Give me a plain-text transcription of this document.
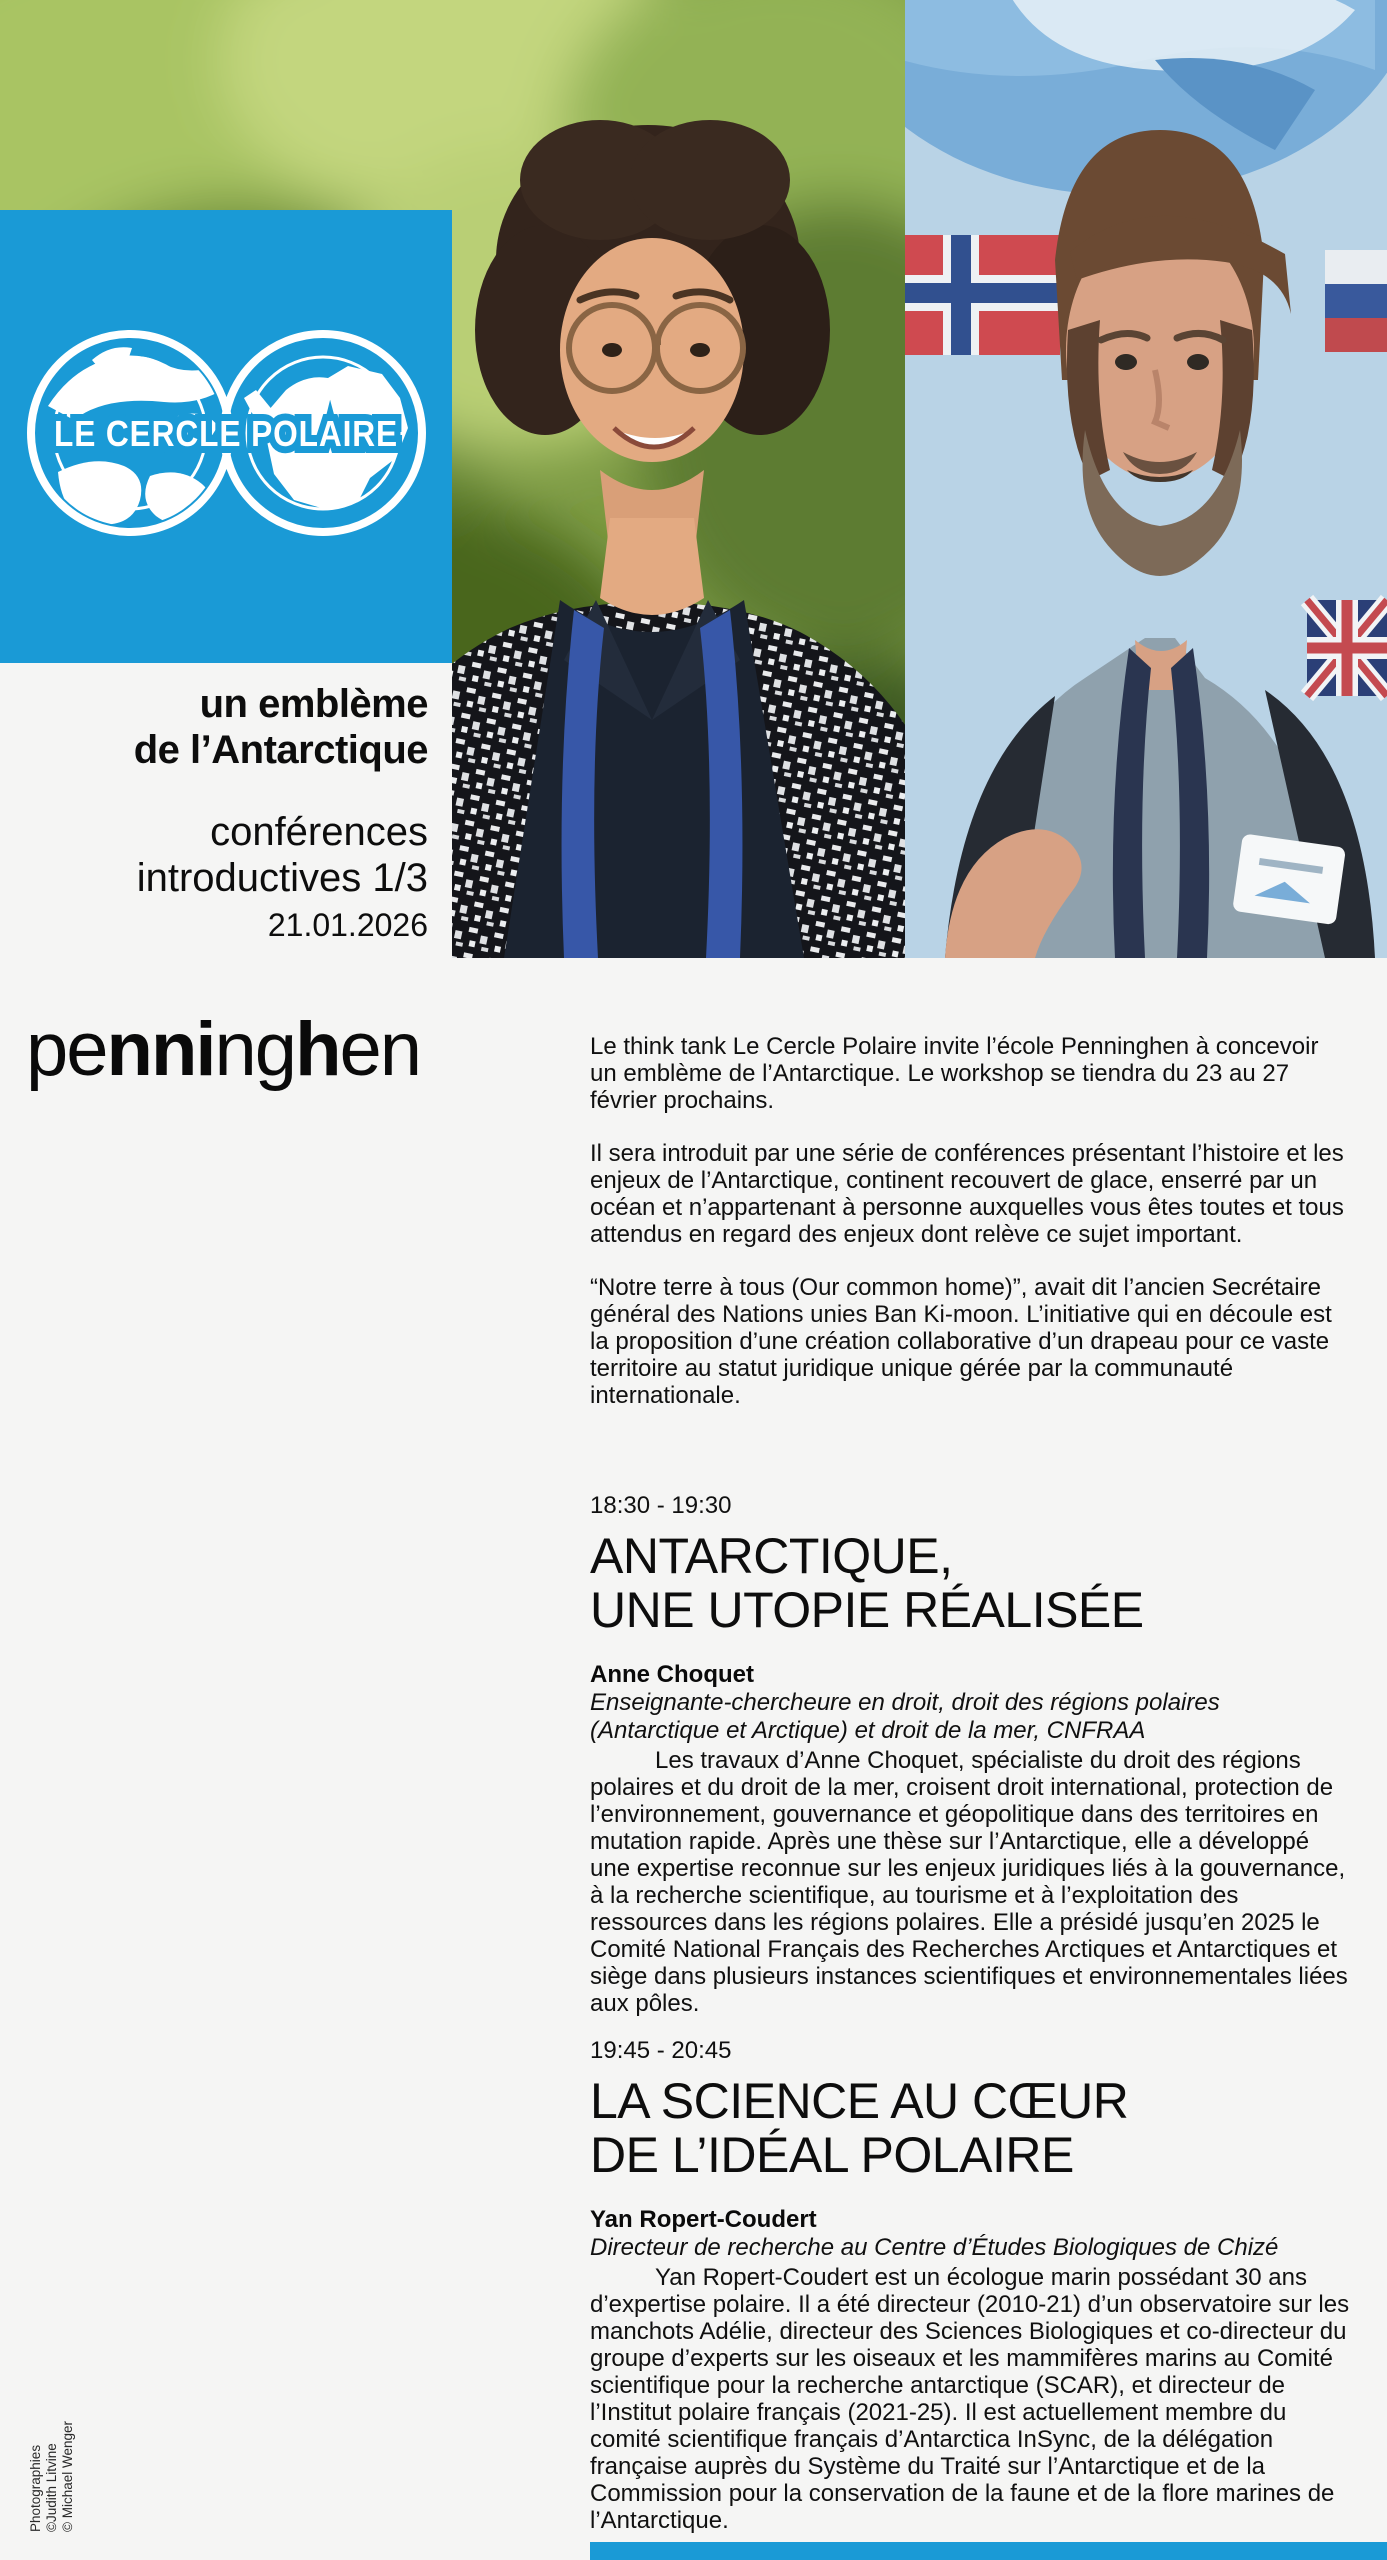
LE CERCLE POLAIRE
un emblème
de l’Antarctique
conférences
introductives 1/3
21.01.2026
penninghen	Le think tank Le Cercle Polaire invite l’école Penninghen à concevoir un emblème de l’Antarctique. Le workshop se tiendra du 23 au 27 février prochains.

Il sera introduit par une série de conférences présentant l’histoire et les enjeux de l’Antarctique, continent recouvert de glace, enserré par un océan et n’appartenant à personne auxquelles vous êtes toutes et tous attendus en regard des enjeux dont relève ce sujet important.

“Notre terre à tous (Our common home)”, avait dit l’ancien Secrétaire général des Nations unies Ban Ki-moon. L’initiative qui en découle est la proposition d’une création collaborative d’un drapeau pour ce vaste territoire au statut juridique unique gérée par la communauté internationale.

18:30 - 19:30
ANTARCTIQUE,
UNE UTOPIE RÉALISÉE
Anne Choquet
Enseignante-chercheure en droit, droit des régions polaires (Antarctique et Arctique) et droit de la mer, CNFRAA
Les travaux d’Anne Choquet, spécialiste du droit des régions polaires et du droit de la mer, croisent droit international, protection de l’environnement, gouvernance et géopolitique dans des territoires en mutation rapide. Après une thèse sur l’Antarctique, elle a développé une expertise reconnue sur les enjeux juridiques liés à la gouvernance, à la recherche scientifique, au tourisme et à l’exploitation des ressources dans les régions polaires. Elle a présidé jusqu’en 2025 le Comité National Français des Recherches Arctiques et Antarctiques et siège dans plusieurs instances scientifiques et environnementales liées aux pôles.
19:45 - 20:45
LA SCIENCE AU CŒUR
DE L’IDÉAL POLAIRE
Yan Ropert-Coudert
Directeur de recherche au Centre d’Études Biologiques de Chizé
Yan Ropert-Coudert est un écologue marin possédant 30 ans d’expertise polaire. Il a été directeur (2010-21) d’un observatoire sur les manchots Adélie, directeur des Sciences Biologiques et co-directeur du groupe d’experts sur les oiseaux et les mammifères marins au Comité scientifique pour la recherche antarctique (SCAR), et directeur de l’Institut polaire français (2021-25). Il est actuellement membre du comité scientifique français d’Antarctica InSync, de la délégation française auprès du Système du Traité sur l’Antarctique et de la Commission pour la conservation de la faune et de la flore marines de l’Antarctique.
Photographies ©Judith Litvine © Michael Wenger
